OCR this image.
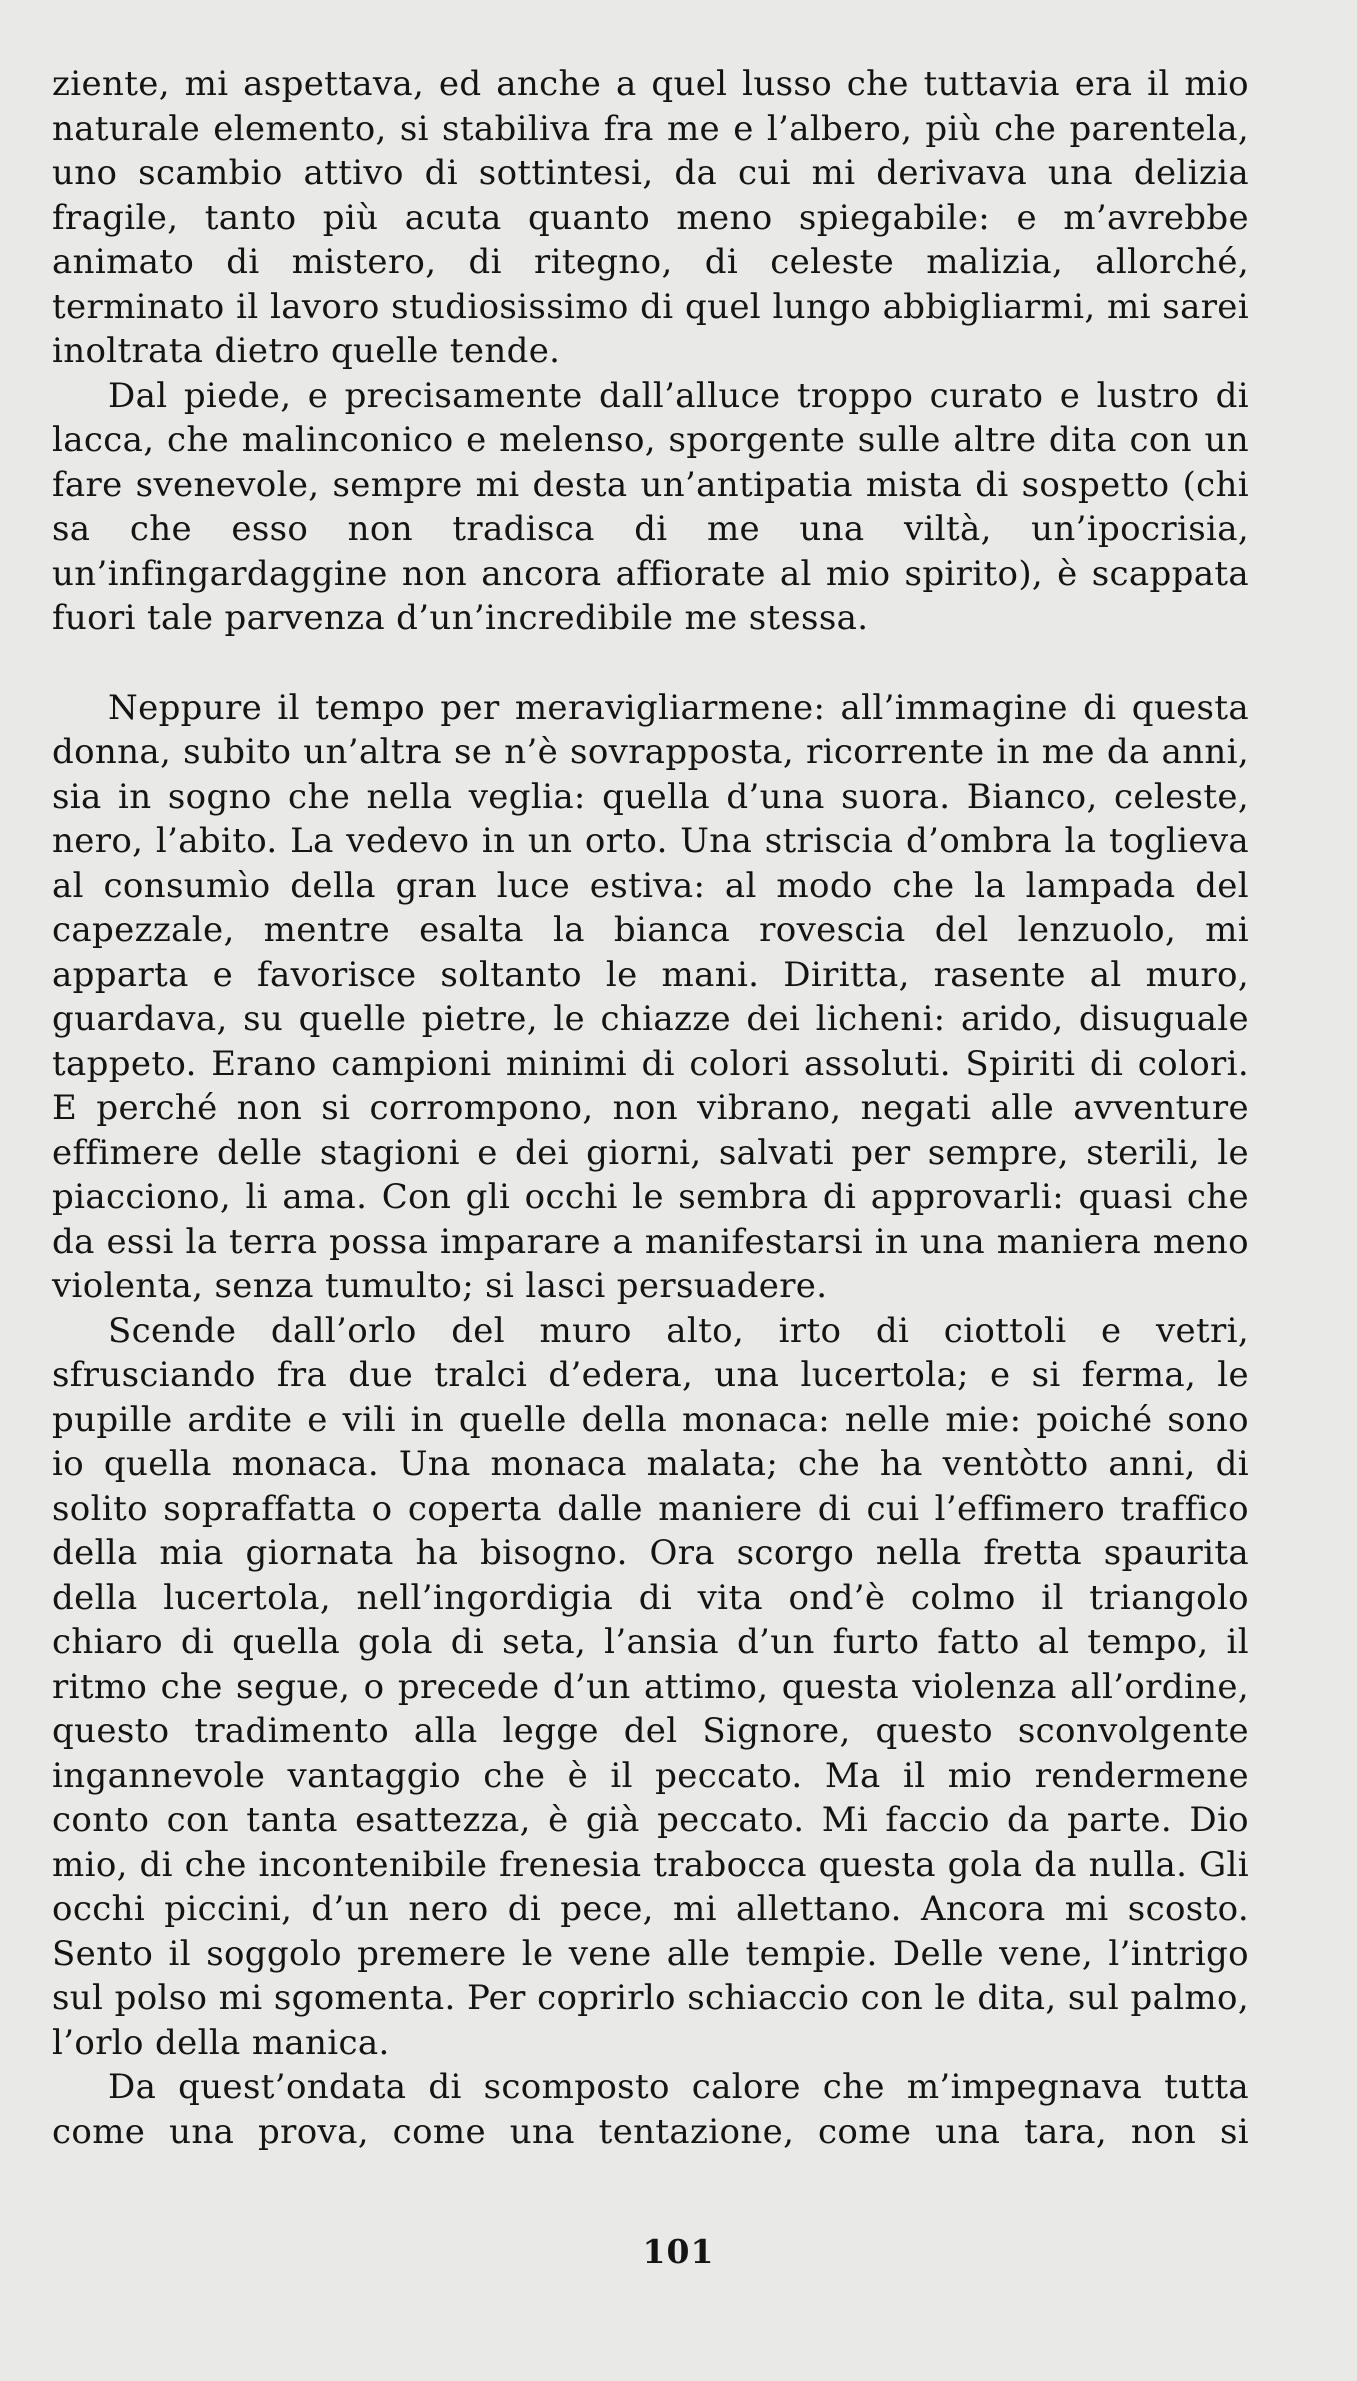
ziente, mi aspettava, ed anche a quel lusso che tuttavia era il mio naturale elemento, si stabiliva fra me e l’albero, più che parentela, uno scambio attivo di sottintesi, da cui mi derivava una delizia fragile, tanto più acuta quanto meno spiegabile: e m’avrebbe animato di mistero, di ritegno, di celeste malizia, allorché, terminato il lavoro studiosissimo di quel lungo abbigliarmi, mi sarei inoltrata dietro quelle tende.

Dal piede, e precisamente dall’alluce troppo curato e lustro di lacca, che malinconico e melenso, sporgente sulle altre dita con un fare svenevole, sempre mi desta un’antipatia mista di sospetto (chi sa che esso non tradisca di me una viltà, un’ipocrisia, un’infingardaggine non ancora affiorate al mio spirito), è scappata fuori tale parvenza d’un’incredibile me stessa.

Neppure il tempo per meravigliarmene: all’immagine di questa donna, subito un’altra se n’è sovrapposta, ricorrente in me da anni, sia in sogno che nella veglia: quella d’una suora. Bianco, celeste, nero, l’abito. La vedevo in un orto. Una striscia d’ombra la toglieva al consumìo della gran luce estiva: al modo che la lampada del capezzale, mentre esalta la bianca rovescia del lenzuolo, mi apparta e favorisce soltanto le mani. Diritta, rasente al muro, guardava, su quelle pietre, le chiazze dei licheni: arido, disuguale tappeto. Erano campioni minimi di colori assoluti. Spiriti di colori. E perché non si corrompono, non vibrano, negati alle avventure effimere delle stagioni e dei giorni, salvati per sempre, sterili, le piacciono, li ama. Con gli occhi le sembra di approvarli: quasi che da essi la terra possa imparare a manifestarsi in una maniera meno violenta, senza tumulto; si lasci persuadere.

Scende dall’orlo del muro alto, irto di ciottoli e vetri, sfrusciando fra due tralci d’edera, una lucertola; e si ferma, le pupille ardite e vili in quelle della monaca: nelle mie: poiché sono io quella monaca. Una monaca malata; che ha ventòtto anni, di solito sopraffatta o coperta dalle maniere di cui l’effimero traffico della mia giornata ha bisogno. Ora scorgo nella fretta spaurita della lucertola, nell’ingordigia di vita ond’è colmo il triangolo chiaro di quella gola di seta, l’ansia d’un furto fatto al tempo, il ritmo che segue, o precede d’un attimo, questa violenza all’ordine, questo tradimento alla legge del Signore, questo sconvolgente ingannevole vantaggio che è il peccato. Ma il mio rendermene conto con tanta esattezza, è già peccato. Mi faccio da parte. Dio mio, di che incontenibile frenesia trabocca questa gola da nulla. Gli occhi piccini, d’un nero di pece, mi allettano. Ancora mi scosto. Sento il soggolo premere le vene alle tempie. Delle vene, l’intrigo sul polso mi sgomenta. Per coprirlo schiaccio con le dita, sul palmo, l’orlo della manica.

Da quest’ondata di scomposto calore che m’impegnava tutta come una prova, come una tentazione, come una tara, non si

101
